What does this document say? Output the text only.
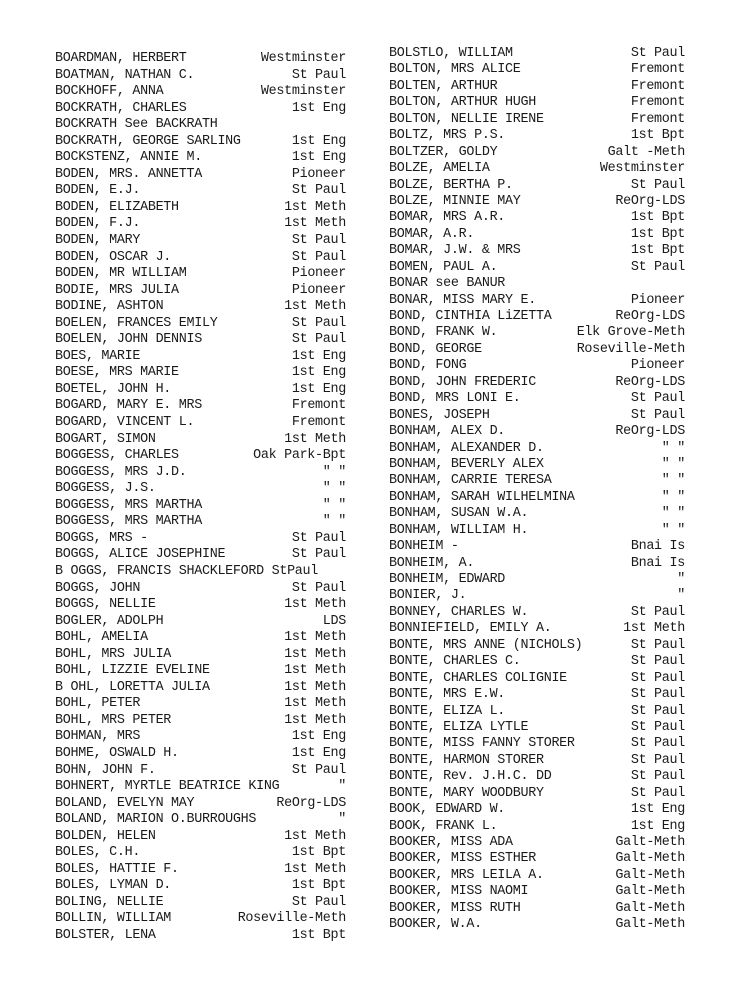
BOARDMAN, HERBERT	Westminster
BOATMAN, NATHAN C.	St Paul
BOCKHOFF, ANNA	Westminster
BOCKRATH, CHARLES	1st Eng
BOCKRATH See BACKRATH
BOCKRATH, GEORGE SARLING	1st Eng
BOCKSTENZ, ANNIE M.	1st Eng
BODEN, MRS. ANNETTA	Pioneer
BODEN, E.J.	St Paul
BODEN, ELIZABETH	1st Meth
BODEN, F.J.	1st Meth
BODEN, MARY	St Paul
BODEN, OSCAR J.	St Paul
BODEN, MR WILLIAM	Pioneer
BODIE, MRS JULIA	Pioneer
BODINE, ASHTON	1st Meth
BOELEN, FRANCES EMILY	St Paul
BOELEN, JOHN DENNIS	St Paul
BOES, MARIE	1st Eng
BOESE, MRS MARIE	1st Eng
BOETEL, JOHN H.	1st Eng
BOGARD, MARY E. MRS	Fremont
BOGARD, VINCENT L.	Fremont
BOGART, SIMON	1st Meth
BOGGESS, CHARLES	Oak Park-Bpt
BOGGESS, MRS J.D.	" "
BOGGESS, J.S.	" "
BOGGESS, MRS MARTHA	" "
BOGGESS, MRS MARTHA	" "
BOGGS, MRS -	St Paul
BOGGS, ALICE JOSEPHINE	St Paul
B OGGS, FRANCIS SHACKLEFORD StPaul
BOGGS, JOHN	St Paul
BOGGS, NELLIE	1st Meth
BOGLER, ADOLPH	LDS
BOHL, AMELIA	1st Meth
BOHL, MRS JULIA	1st Meth
BOHL, LIZZIE EVELINE	1st Meth
B OHL, LORETTA JULIA	1st Meth
BOHL, PETER	1st Meth
BOHL, MRS PETER	1st Meth
BOHMAN, MRS	1st Eng
BOHME, OSWALD H.	1st Eng
BOHN, JOHN F.	St Paul
BOHNERT, MYRTLE BEATRICE KING	"
BOLAND, EVELYN MAY	ReOrg-LDS
BOLAND, MARION O.BURROUGHS	"
BOLDEN, HELEN	1st Meth
BOLES, C.H.	1st Bpt
BOLES, HATTIE F.	1st Meth
BOLES, LYMAN D.	1st Bpt
BOLING, NELLIE	St Paul
BOLLIN, WILLIAM	Roseville-Meth
BOLSTER, LENA	1st Bpt
BOLSTLO, WILLIAM	St Paul
BOLTON, MRS ALICE	Fremont
BOLTEN, ARTHUR	Fremont
BOLTON, ARTHUR HUGH	Fremont
BOLTON, NELLIE IRENE	Fremont
BOLTZ, MRS P.S.	1st Bpt
BOLTZER, GOLDY	Galt -Meth
BOLZE, AMELIA	Westminster
BOLZE, BERTHA P.	St Paul
BOLZE, MINNIE MAY	ReOrg-LDS
BOMAR, MRS A.R.	1st Bpt
BOMAR, A.R.	1st Bpt
BOMAR, J.W. & MRS	1st Bpt
BOMEN, PAUL A.	St Paul
BONAR see BANUR
BONAR, MISS MARY E.	Pioneer
BOND, CINTHIA LiZETTA	ReOrg-LDS
BOND, FRANK W.	Elk Grove-Meth
BOND, GEORGE	Roseville-Meth
BOND, FONG	Pioneer
BOND, JOHN FREDERIC	ReOrg-LDS
BOND, MRS LONI E.	St Paul
BONES, JOSEPH	St Paul
BONHAM, ALEX D.	ReOrg-LDS
BONHAM, ALEXANDER D.	" "
BONHAM, BEVERLY ALEX	" "
BONHAM, CARRIE TERESA	" "
BONHAM, SARAH WILHELMINA	" "
BONHAM, SUSAN W.A.	" "
BONHAM, WILLIAM H.	" "
BONHEIM -	Bnai Is
BONHEIM, A.	Bnai Is
BONHEIM, EDWARD	"
BONIER, J.	"
BONNEY, CHARLES W.	St Paul
BONNIEFIELD, EMILY A.	1st Meth
BONTE, MRS ANNE (NICHOLS)	St Paul
BONTE, CHARLES C.	St Paul
BONTE, CHARLES COLIGNIE	St Paul
BONTE, MRS E.W.	St Paul
BONTE, ELIZA L.	St Paul
BONTE, ELIZA LYTLE	St Paul
BONTE, MISS FANNY STORER	St Paul
BONTE, HARMON STORER	St Paul
BONTE, Rev. J.H.C. DD	St Paul
BONTE, MARY WOODBURY	St Paul
BOOK, EDWARD W.	1st Eng
BOOK, FRANK L.	1st Eng
BOOKER, MISS ADA	Galt-Meth
BOOKER, MISS ESTHER	Galt-Meth
BOOKER, MRS LEILA A.	Galt-Meth
BOOKER, MISS NAOMI	Galt-Meth
BOOKER, MISS RUTH	Galt-Meth
BOOKER, W.A.	Galt-Meth
